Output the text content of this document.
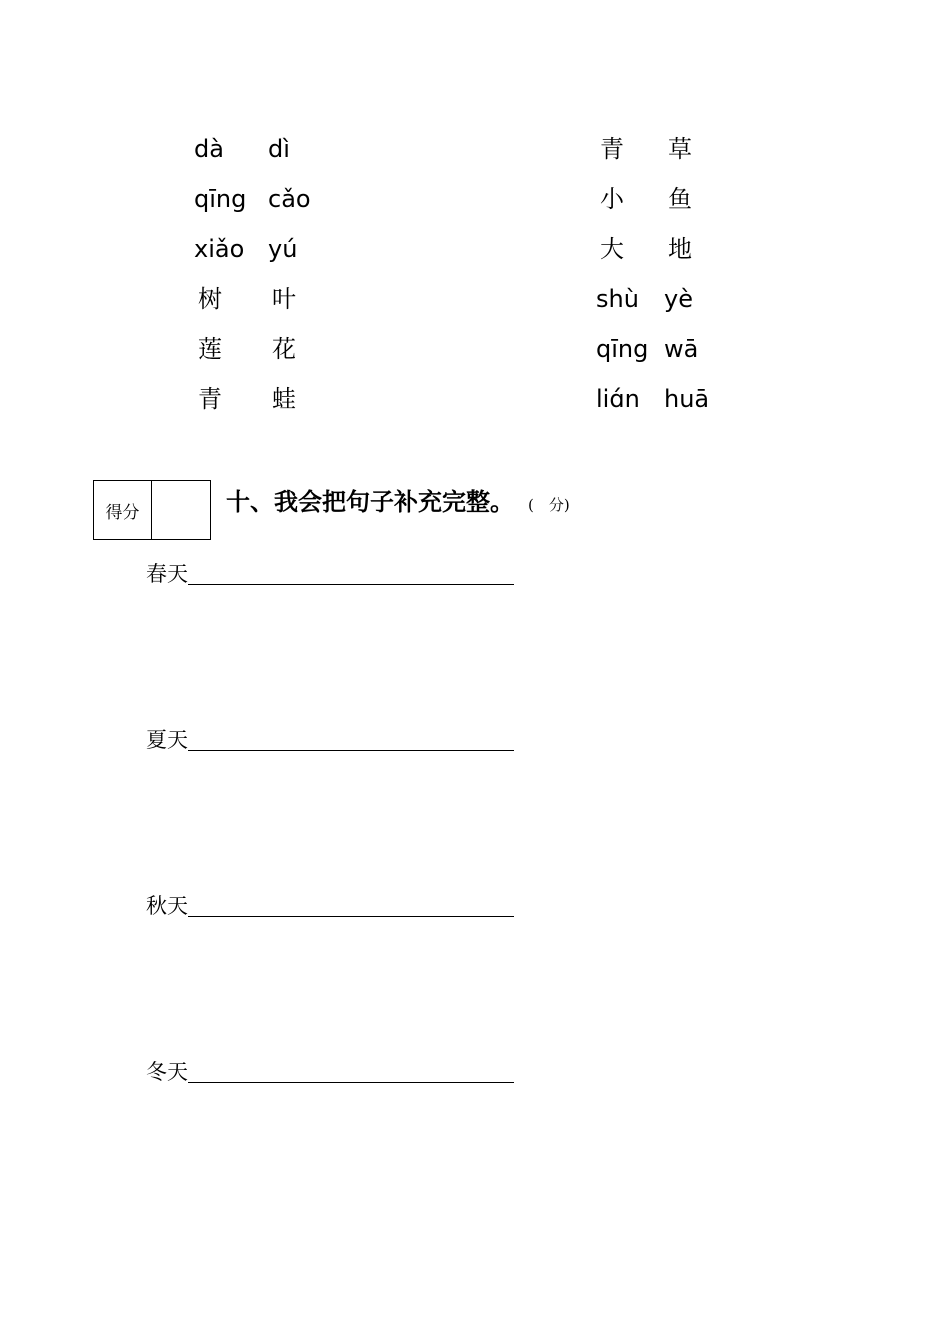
dà dì
qīng cǎo
xiǎo yú
树 叶
莲 花
青 蛙
青 草
小 鱼
大 地
shù yè
qīng wā
liɑ́n huā
得分	十、我会把句子补充完整。 (　分)
春天
夏天
秋天
冬天
